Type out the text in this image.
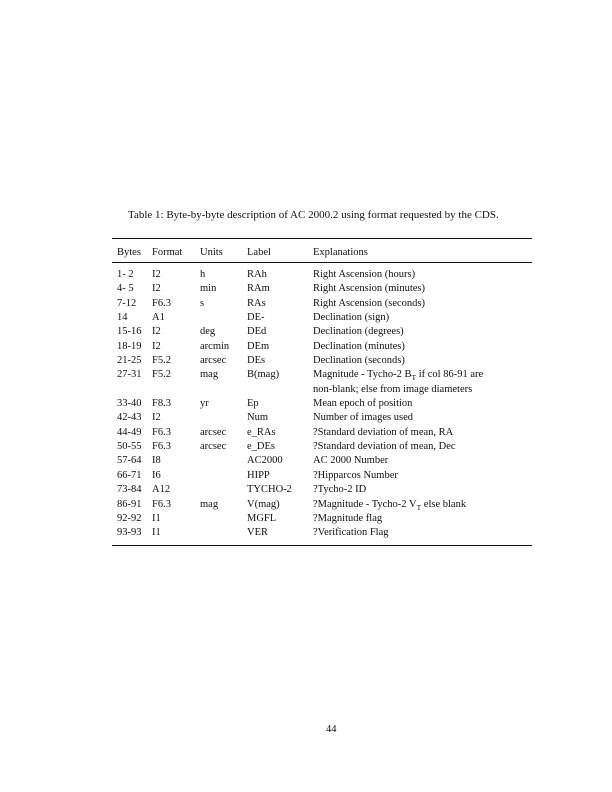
Table 1: Byte-by-byte description of AC 2000.2 using format requested by the CDS.
Bytes	Format	Units	Label	Explanations
1- 2	I2	h	RAh	Right Ascension (hours)

4- 5	I2	min	RAm	Right Ascension (minutes)

7-12	F6.3	s	RAs	Right Ascension (seconds)

14	A1		DE-	Declination (sign)

15-16	I2	deg	DEd	Declination (degrees)

18-19	I2	arcmin	DEm	Declination (minutes)

21-25	F5.2	arcsec	DEs	Declination (seconds)

27-31	F5.2	mag	B(mag)	Magnitude - Tycho-2 $B_T$ if col 86-91 are
non-blank; else from image diameters

33-40	F8.3	yr	Ep	Mean epoch of position

42-43	I2		Num	Number of images used

44-49	F6.3	arcsec	e_RAs	?Standard deviation of mean, RA

50-55	F6.3	arcsec	e_DEs	?Standard deviation of mean, Dec

57-64	I8		AC2000	AC 2000 Number

66-71	I6		HIPP	?Hipparcos Number

73-84	A12		TYCHO-2	?Tycho-2 ID

86-91	F6.3	mag	V(mag)	?Magnitude - Tycho-2 $V_T$ else blank

92-92	I1		MGFL	?Magnitude flag

93-93	I1		VER	?Verification Flag
44
